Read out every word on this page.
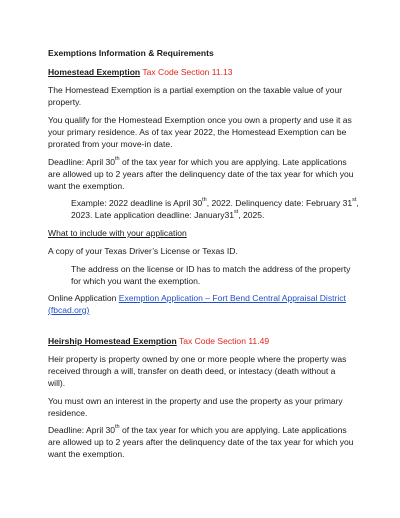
Exemptions Information & Requirements
Homestead Exemption Tax Code Section 11.13
The Homestead Exemption is a partial exemption on the taxable value of your
property.
You qualify for the Homestead Exemption once you own a property and use it as
your primary residence. As of tax year 2022, the Homestead Exemption can be
prorated from your move-in date.
Deadline: April 30th of the tax year for which you are applying. Late applications
are allowed up to 2 years after the delinquency date of the tax year for which you
want the exemption.
Example: 2022 deadline is April 30th, 2022. Delinquency date: February 31st,
2023. Late application deadline: January31st, 2025.
What to include with your application
A copy of your Texas Driver’s License or Texas ID.
The address on the license or ID has to match the address of the property
for which you want the exemption.
Online Application Exemption Application – Fort Bend Central Appraisal District
(fbcad.org)
Heirship Homestead Exemption Tax Code Section 11.49
Heir property is property owned by one or more people where the property was
received through a will, transfer on death deed, or intestacy (death without a
will).
You must own an interest in the property and use the property as your primary
residence.
Deadline: April 30th of the tax year for which you are applying. Late applications
are allowed up to 2 years after the delinquency date of the tax year for which you
want the exemption.
